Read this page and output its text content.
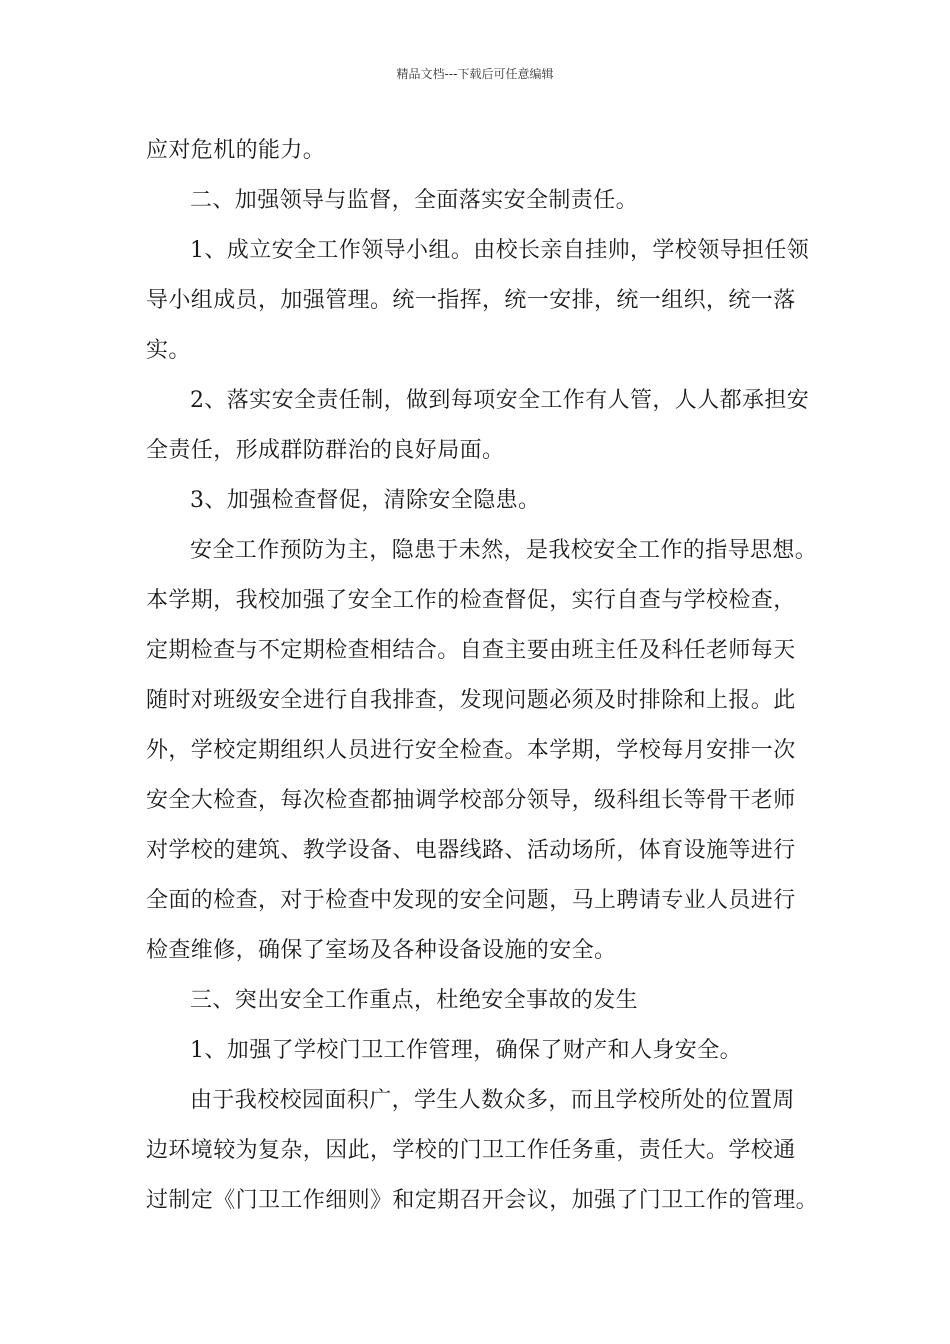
精品文档---下载后可任意编辑
应对危机的能力。
二、加强领导与监督，全面落实安全制责任。
1、成立安全工作领导小组。由校长亲自挂帅，学校领导担任领
导小组成员，加强管理。统一指挥，统一安排，统一组织，统一落
实。
2、落实安全责任制，做到每项安全工作有人管，人人都承担安
全责任，形成群防群治的良好局面。
3、加强检查督促，清除安全隐患。
安全工作预防为主，隐患于未然，是我校安全工作的指导思想。
本学期，我校加强了安全工作的检查督促，实行自查与学校检查，
定期检查与不定期检查相结合。自查主要由班主任及科任老师每天
随时对班级安全进行自我排查，发现问题必须及时排除和上报。此
外，学校定期组织人员进行安全检查。本学期，学校每月安排一次
安全大检查，每次检查都抽调学校部分领导，级科组长等骨干老师
对学校的建筑、教学设备、电器线路、活动场所，体育设施等进行
全面的检查，对于检查中发现的安全问题，马上聘请专业人员进行
检查维修，确保了室场及各种设备设施的安全。
三、突出安全工作重点，杜绝安全事故的发生
1、加强了学校门卫工作管理，确保了财产和人身安全。
由于我校校园面积广，学生人数众多，而且学校所处的位置周
边环境较为复杂，因此，学校的门卫工作任务重，责任大。学校通
过制定《门卫工作细则》和定期召开会议，加强了门卫工作的管理。
